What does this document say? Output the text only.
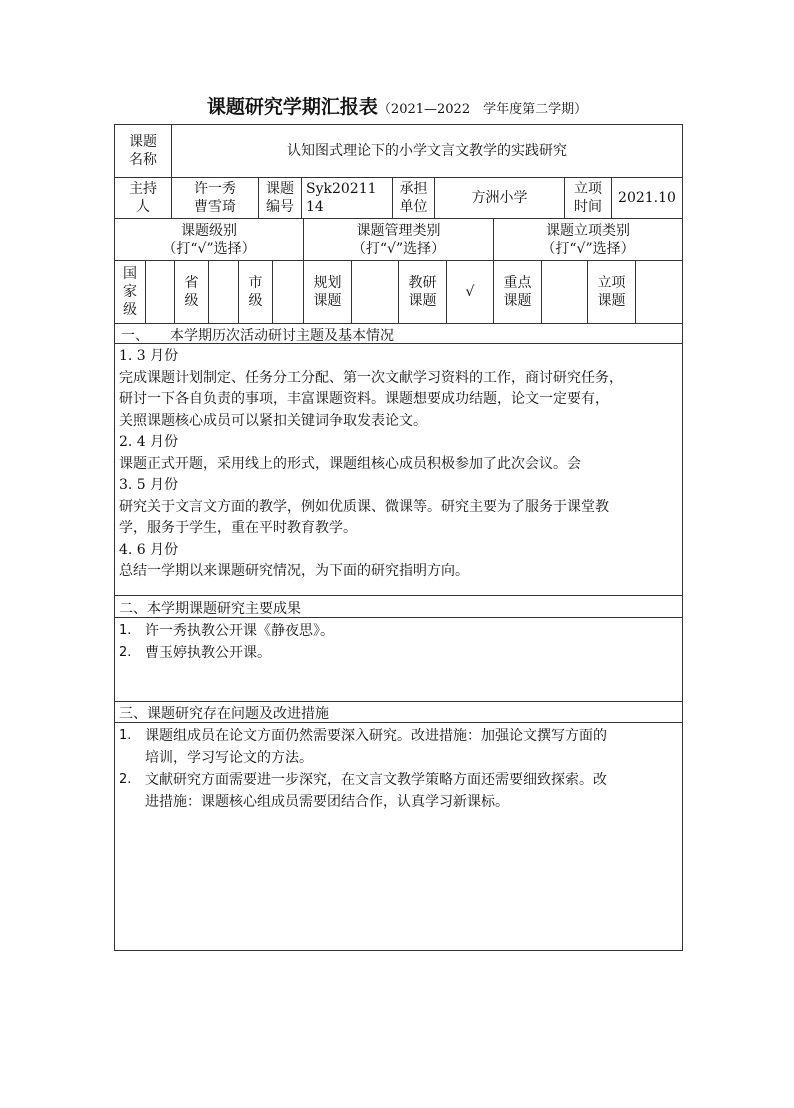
课题研究学期汇报表（2021—2022　学年度第二学期）
课题
名称
认知图式理论下的小学文言文教学的实践研究
主持
人
许一秀
曹雪琦
课题
编号
Syk20211
14
承担
单位
方洲小学
立项
时间
2021.10
课题级别
（打“√”选择）
课题管理类别
（打“√”选择）
课题立项类别
（打“√”选择）
国
家
级
省
级
市
级
规划
课题
教研
课题
√
重点
课题
立项
课题
一、　　本学期历次活动研讨主题及基本情况

1. 3 月份

完成课题计划制定、任务分工分配、第一次文献学习资料的工作，商讨研究任务，

研讨一下各自负责的事项，丰富课题资料。课题想要成功结题，论文一定要有，

关照课题核心成员可以紧扣关键词争取发表论文。

2. 4 月份

课题正式开题，采用线上的形式，课题组核心成员积极参加了此次会议。会

3. 5 月份

研究关于文言文方面的教学，例如优质课、微课等。研究主要为了服务于课堂教

学，服务于学生，重在平时教育教学。

4. 6 月份

总结一学期以来课题研究情况，为下面的研究指明方向。

二、本学期课题研究主要成果
1. 许一秀执教公开课《静夜思》。
2. 曹玉婷执教公开课。
三、课题研究存在问题及改进措施
1. 课题组成员在论文方面仍然需要深入研究。改进措施：加强论文撰写方面的
培训，学习写论文的方法。
2. 文献研究方面需要进一步深究，在文言文教学策略方面还需要细致探索。改
进措施：课题核心组成员需要团结合作，认真学习新课标。
